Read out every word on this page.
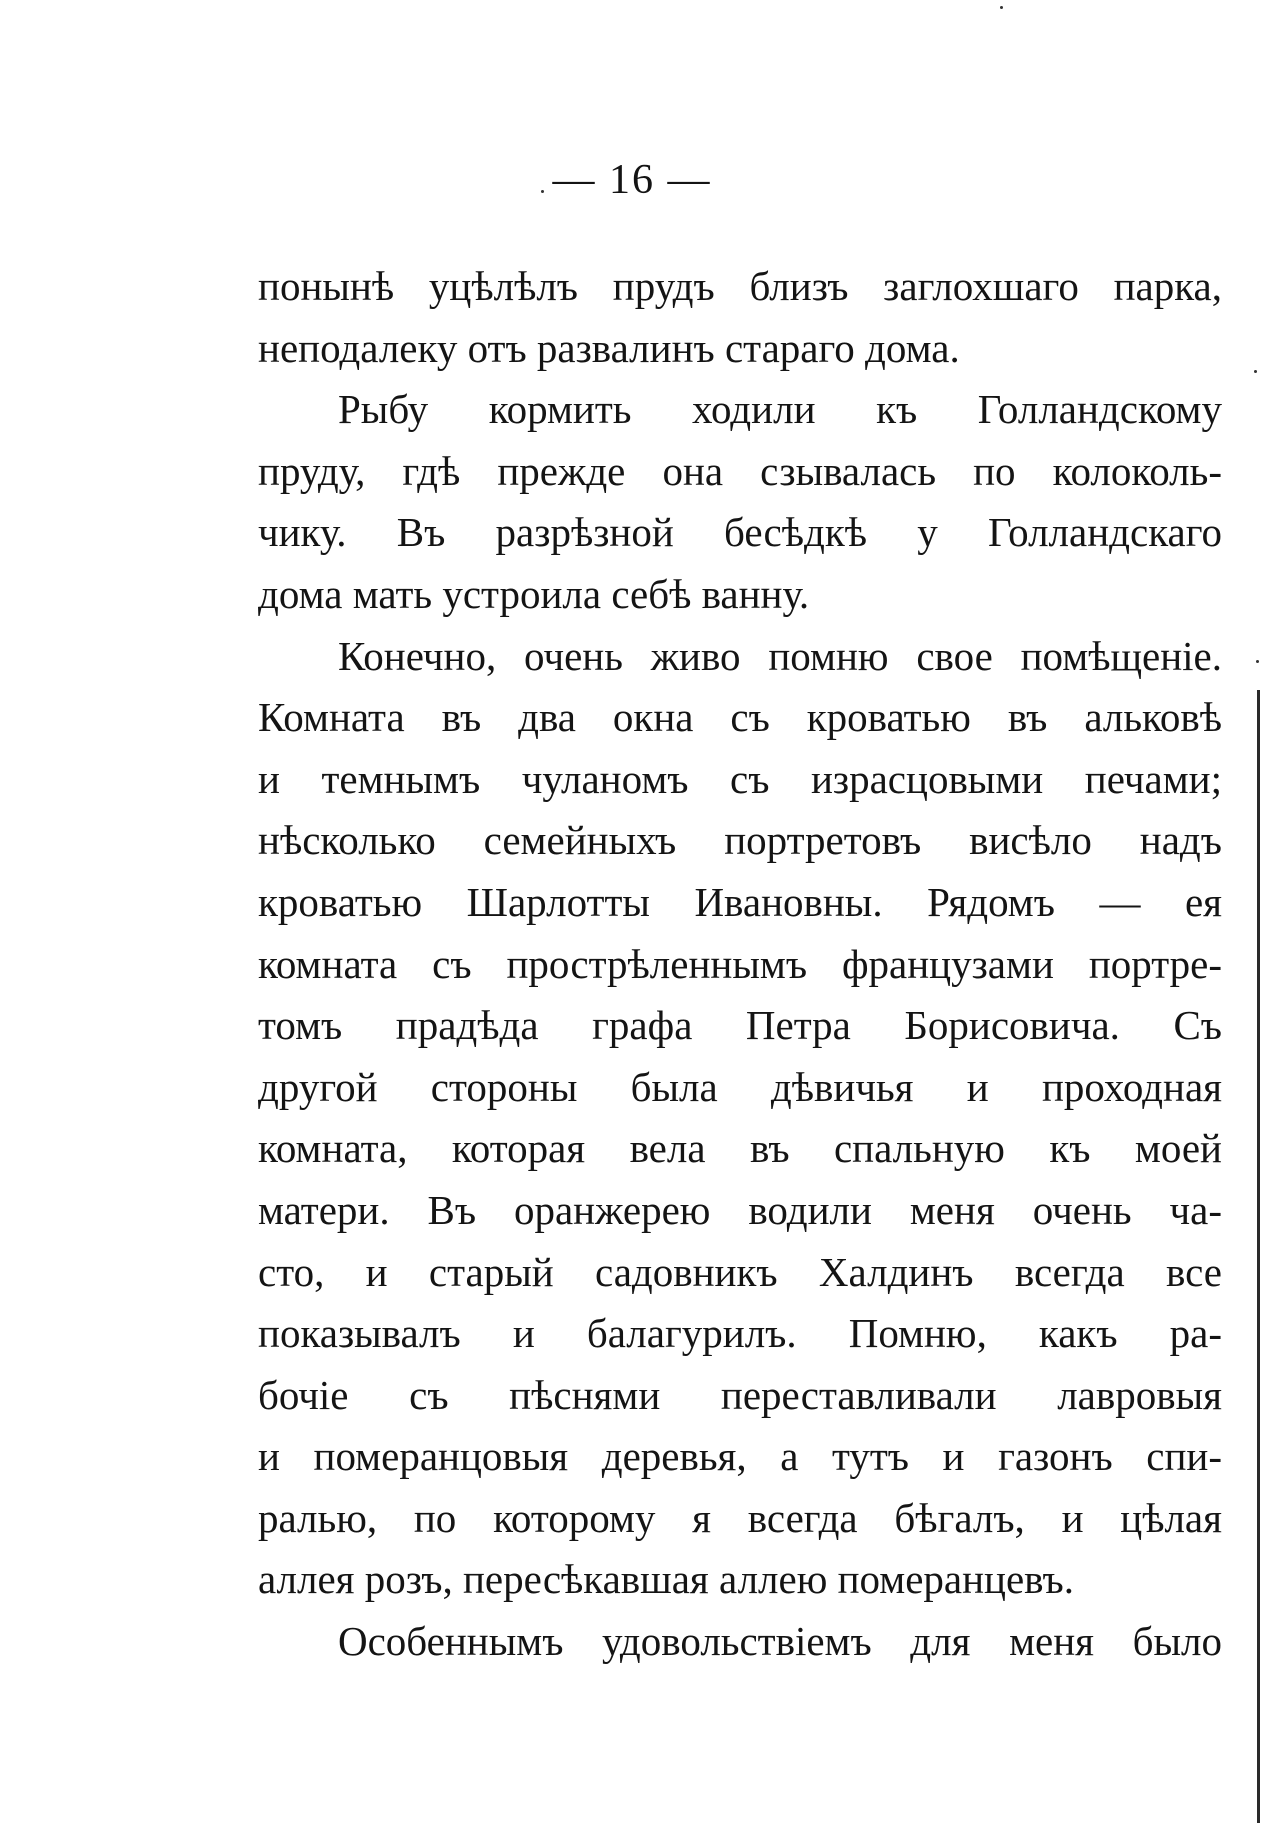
— 16 —
понынѣ уцѣлѣлъ прудъ близъ заглохшаго парка,
неподалеку отъ развалинъ стараго дома.
Рыбу кормить ходили къ Голландскому
пруду, гдѣ прежде она сзывалась по колоколь-
чику. Въ разрѣзной бесѣдкѣ у Голландскаго
дома мать устроила себѣ ванну.
Конечно, очень живо помню свое помѣщеніе.
Комната въ два окна съ кроватью въ альковѣ
и темнымъ чуланомъ съ израсцовыми печами;
нѣсколько семейныхъ портретовъ висѣло надъ
кроватью Шарлотты Ивановны. Рядомъ — ея
комната съ прострѣленнымъ французами портре-
томъ прадѣда графа Петра Борисовича. Съ
другой стороны была дѣвичья и проходная
комната, которая вела въ спальную къ моей
матери. Въ оранжерею водили меня очень ча-
сто, и старый садовникъ Халдинъ всегда все
показывалъ и балагурилъ. Помню, какъ ра-
бочіе съ пѣснями переставливали лавровыя
и померанцовыя деревья, а тутъ и газонъ спи-
ралью, по которому я всегда бѣгалъ, и цѣлая
аллея розъ, пересѣкавшая аллею померанцевъ.
Особеннымъ удовольствіемъ для меня было
